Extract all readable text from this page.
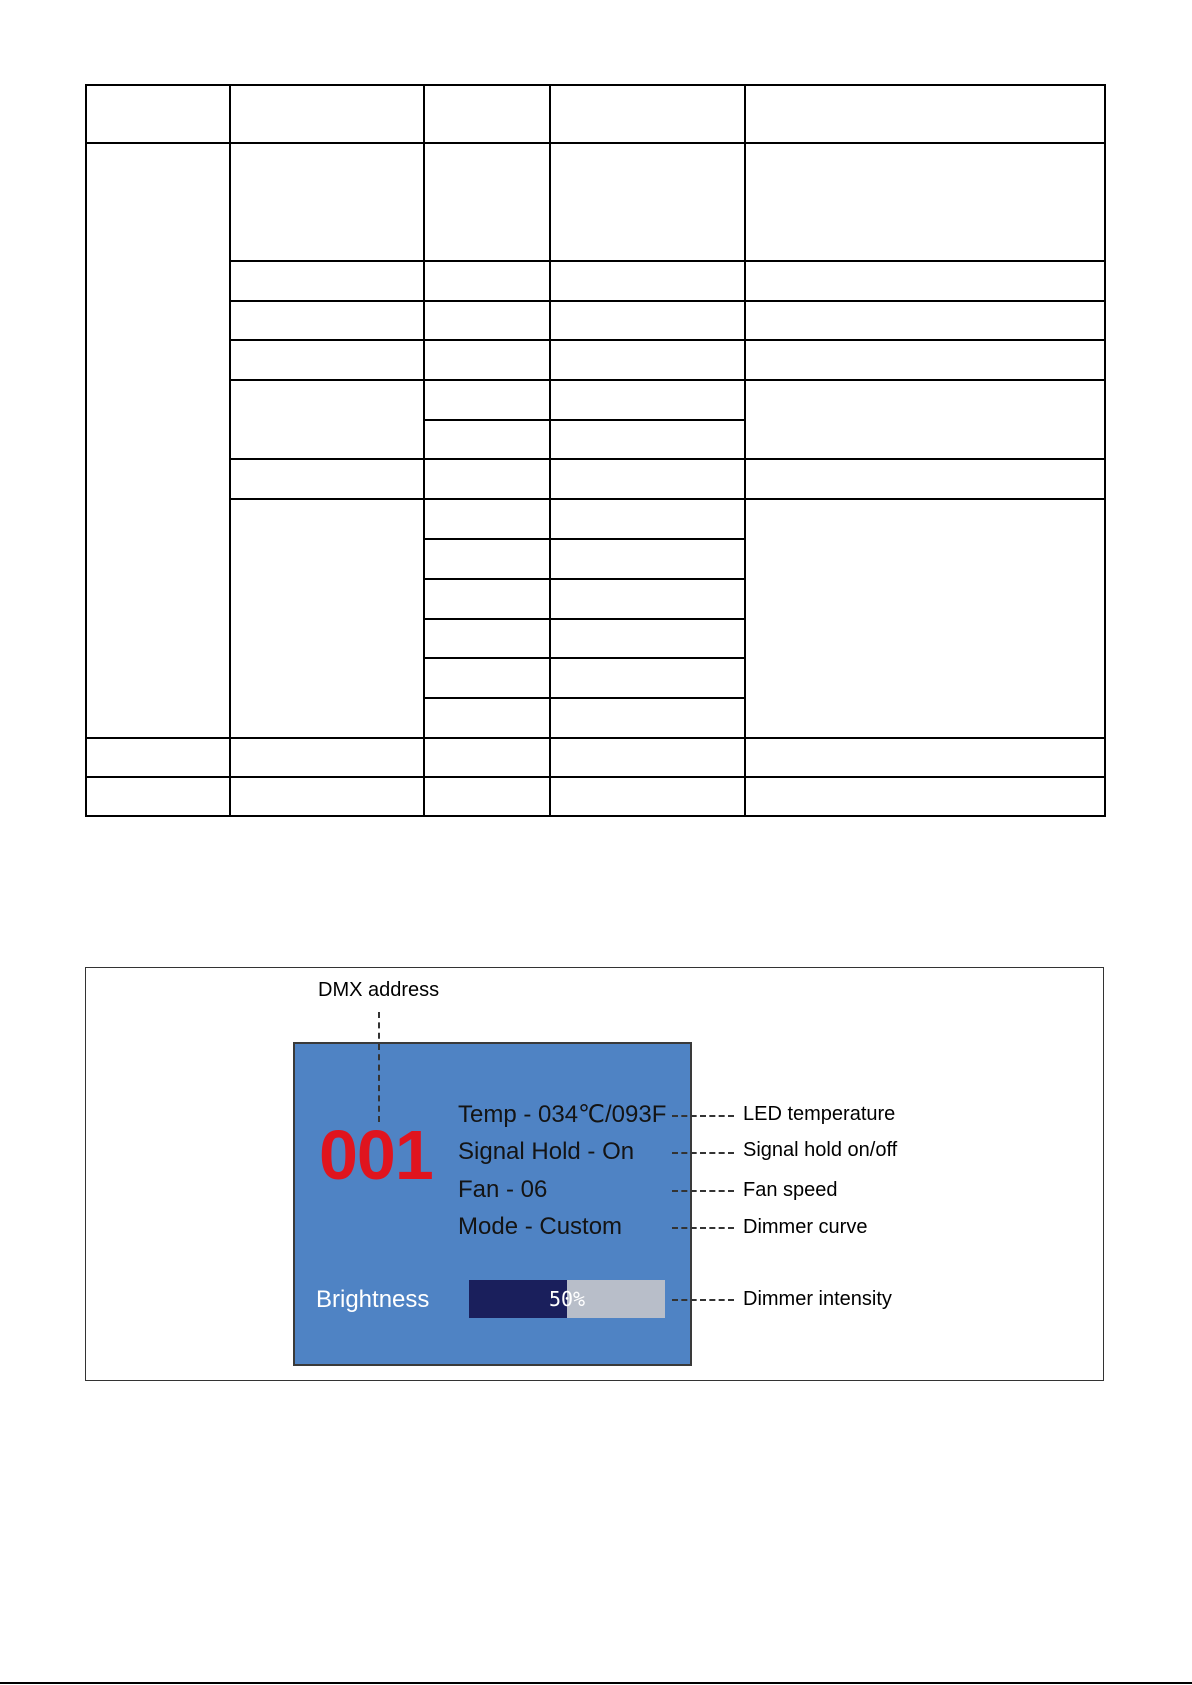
DMX address
001
Temp - 034℃/093F
Signal Hold - On
Fan - 06
Mode - Custom
Brightness	50%
LED temperature
Signal hold on/off
Fan speed
Dimmer curve
Dimmer intensity
